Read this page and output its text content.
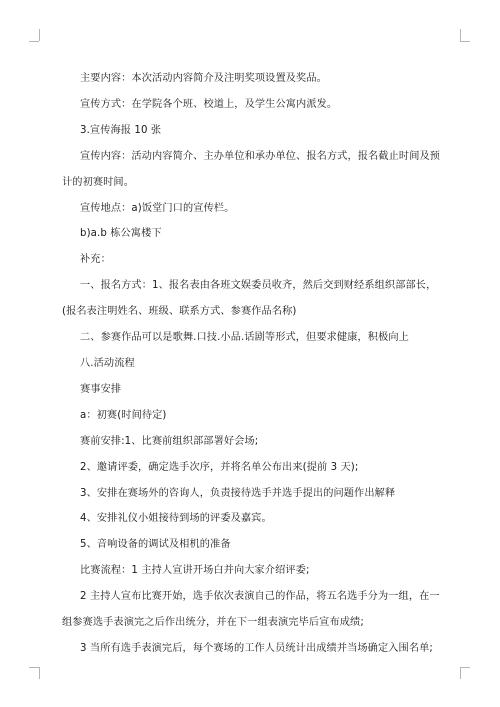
主要内容：本次活动内容简介及注明奖项设置及奖品。

宣传方式：在学院各个班、校道上，及学生公寓内派发。

3.宣传海报 10 张

宣传内容：活动内容简介、主办单位和承办单位、报名方式，报名截止时间及预

计的初赛时间。

宣传地点：a)饭堂门口的宣传栏。

b)a.b 栋公寓楼下

补充：

一、报名方式：1、报名表由各班文娱委员收齐，然后交到财经系组织部部长，

(报名表注明姓名、班级、联系方式、参赛作品名称)

二、参赛作品可以是歌舞.口技.小品.话剧等形式，但要求健康，积极向上

八.活动流程

赛事安排

a：初赛(时间待定)

赛前安排:1、比赛前组织部部署好会场;

2、邀请评委，确定选手次序，并将名单公布出来(提前 3 天);

3、安排在赛场外的咨询人，负责接待选手并选手提出的问题作出解释

4、安排礼仪小姐接待到场的评委及嘉宾。

5、音响设备的调试及相机的准备

比赛流程：1 主持人宣讲开场白并向大家介绍评委;

2 主持人宣布比赛开始，选手依次表演自己的作品，将五名选手分为一组，在一

组参赛选手表演完之后作出统分，并在下一组表演完毕后宣布成绩;

3 当所有选手表演完后，每个赛场的工作人员统计出成绩并当场确定入围名单;
